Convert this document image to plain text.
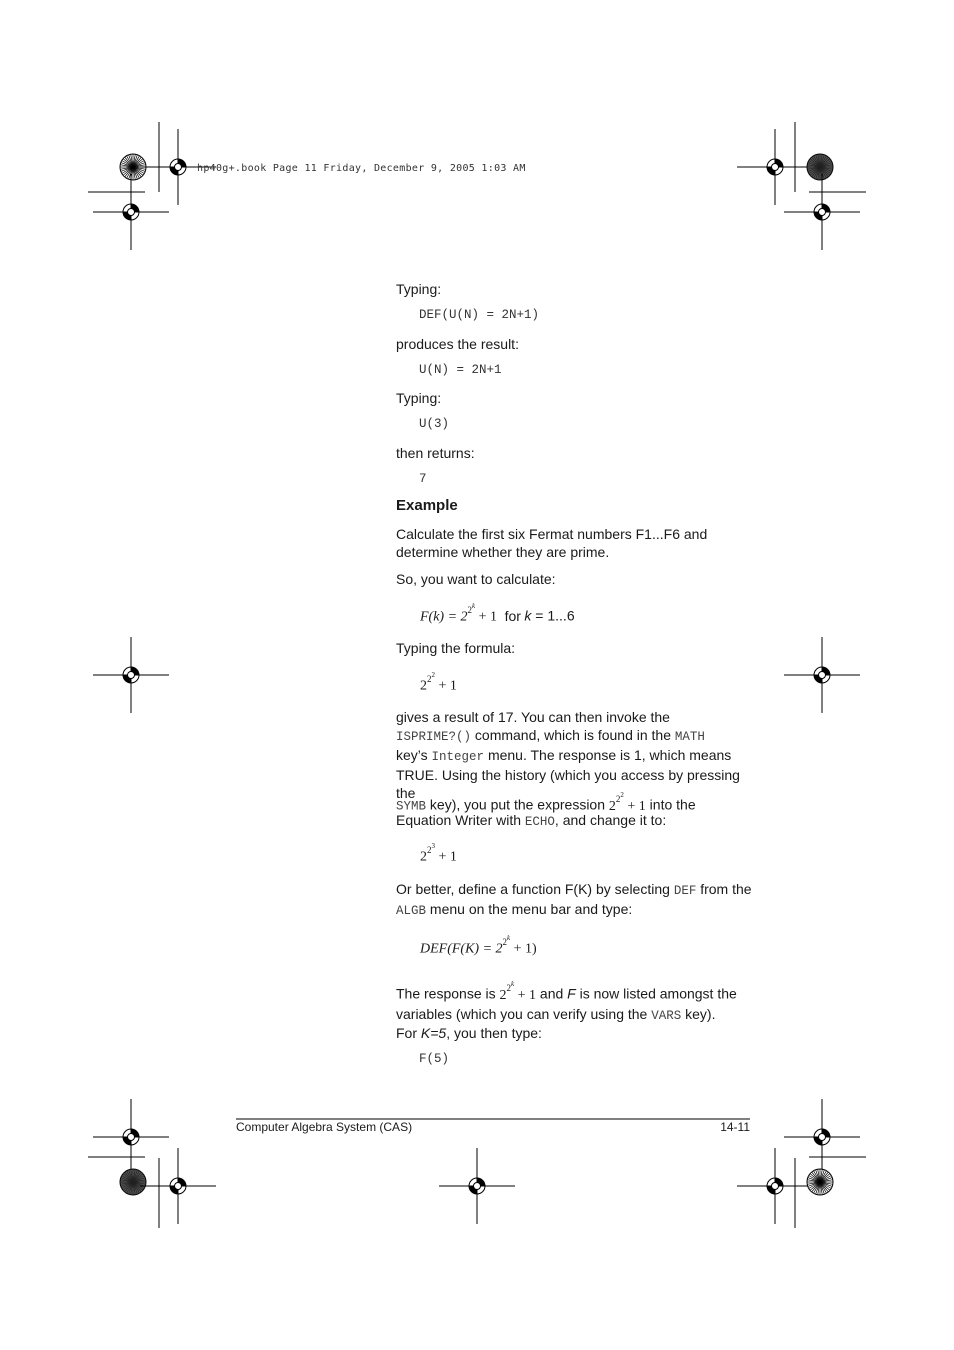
hp40g+.book Page 11 Friday, December 9, 2005 1:03 AM
Typing:
DEF(U(N) = 2N+1)
produces the result:
U(N) = 2N+1
Typing:
U(3)
then returns:
7
Example
Calculate the first six Fermat numbers F1...F6 and determine whether they are prime.
So, you want to calculate:
$F(k) = 2^{2^k} + 1$ for k = 1...6
Typing the formula:
$2^{2^2} + 1$
gives a result of 17. You can then invoke the
ISPRIME?() command, which is found in the MATH
key’s Integer menu. The response is 1, which means
TRUE. Using the history (which you access by pressing the
SYMB key), you put the expression $2^{2^2} + 1$ into the
Equation Writer with ECHO, and change it to:
$2^{2^3} + 1$
Or better, define a function F(K) by selecting DEF from the
ALGB menu on the menu bar and type:
$DEF(F(K) = 2^{2^k} + 1)$
The response is $2^{2^k} + 1$ and F is now listed amongst the
variables (which you can verify using the VARS key).
For K=5, you then type:
F(5)
Computer Algebra System (CAS)	14-11
